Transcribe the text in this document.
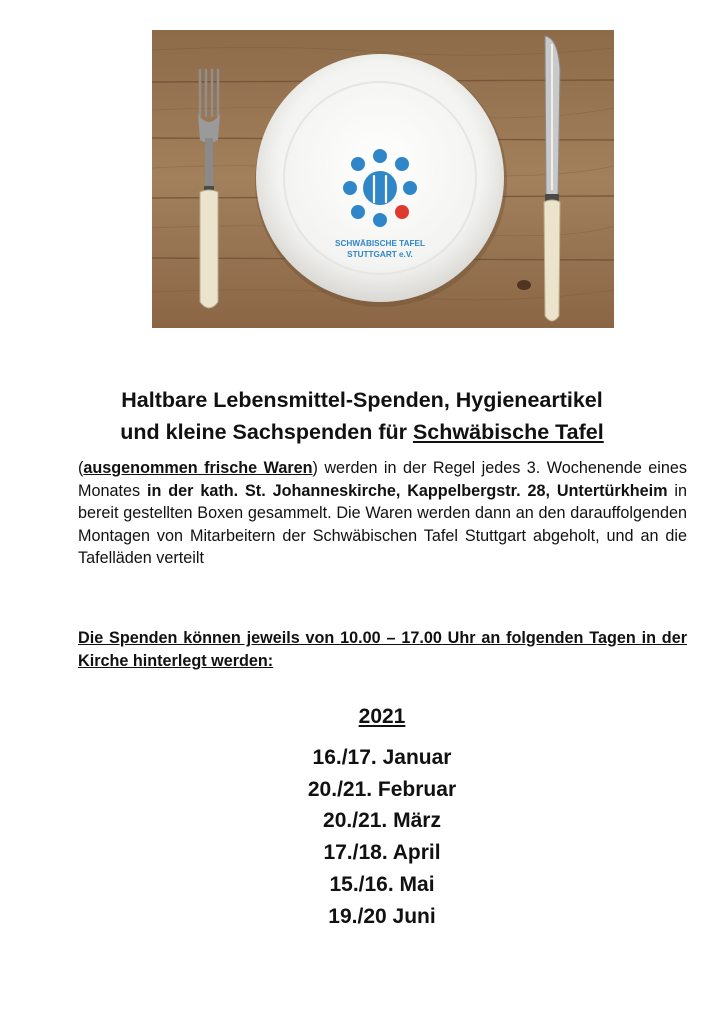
SCHWÄBISCHE TAFEL
STUTTGART e.V.
Haltbare Lebensmittel-Spenden, Hygieneartikel
und kleine Sachspenden für Schwäbische Tafel

(ausgenommen frische Waren) werden in der Regel jedes 3. Wochenende eines Monates in der kath. St. Johanneskirche, Kappelbergstr. 28, Untertürkheim in bereit gestellten Boxen gesammelt. Die Waren werden dann an den darauffolgenden Montagen von Mitarbeitern der Schwäbischen Tafel Stuttgart abgeholt, und an die Tafelläden verteilt

Die Spenden können jeweils von 10.00 – 17.00 Uhr an folgenden Tagen in der Kirche hinterlegt werden:
2021
16./17. Januar
20./21. Februar
20./21. März
17./18. April
15./16. Mai
19./20 Juni
